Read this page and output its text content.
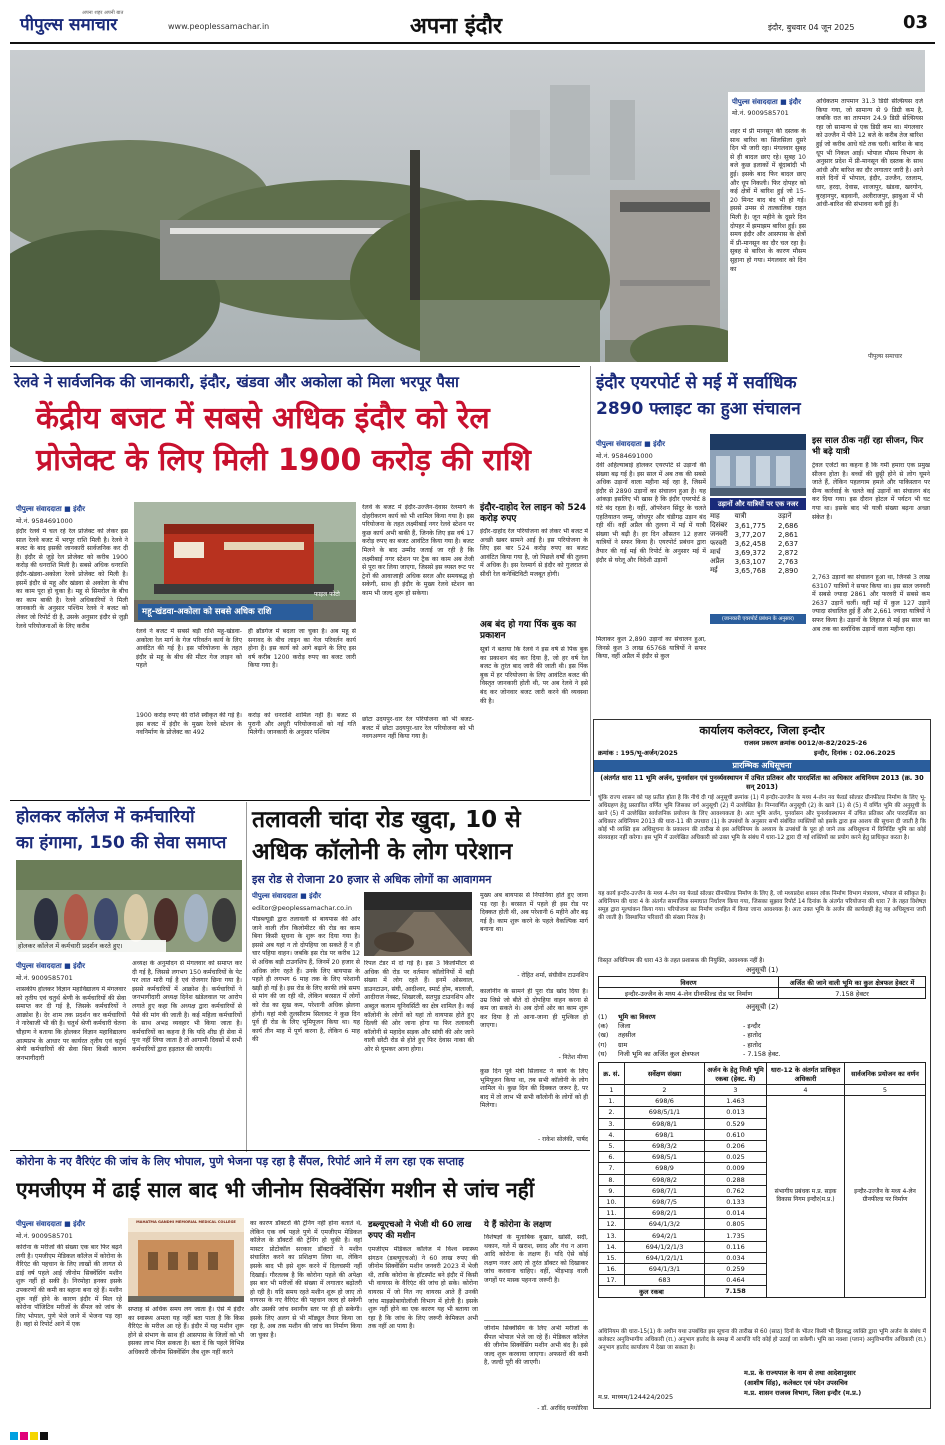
पीपुल्स समाचार
अपना शहर अपनी बात
www.peoplessamachar.in	अपना इंदौर	इंदौर, बुधवार 04 जून 2025	03
पीपुल्स संवाददाता ■ इंदौर
मो.नं. 9009585701
शहर में प्री मानसून की दस्तक के साथ बारिश का सिलसिला दूसरे दिन भी जारी रहा। मंगलवार सुबह से ही बादल छाए रहे। सुबह 10 बजे कुछ इलाकों में बूंदाबांदी भी हुई। इसके बाद फिर बादल छाए और धूप निकली। फिर दोपहर को कई क्षेत्रों में बारिश हुई जो 15-20 मिनट बाद बंद भी हो गई। इससे उमस से तात्कालिक राहत मिली है। जून महीने के दूसरे दिन दोपहर में झमाझम बारिश हुई। इस समय इंदौर और आसपास के क्षेत्रों में प्री-मानसून का दौर चल रहा है। सुबह से बारिश के कारण मौसम सुहाना हो गया। मंगलवार को दिन का
अधिकतम तापमान 31.3 डिग्री सेल्सियस दर्ज किया गया, जो सामान्य से 9 डिग्री कम है, जबकि रात का तापमान 24.9 डिग्री सेल्सियस रहा जो सामान्य से एक डिग्री कम था। मंगलवार को उज्जैन में पौने 12 बजे के करीब तेज बारिश हुई जो करीब आधे घंटे तक चली। बारिश के बाद धूप भी निकल आई। भोपाल मौसम विभाग के अनुसार प्रदेश में प्री-मानसून की दस्तक के साथ आंधी और बारिश का दौर लगातार जारी है। आने वाले दिनों में भोपाल, इंदौर, उज्जैन, रतलाम, धार, हरदा, देवास, शाजापुर, खंडवा, खरगोन, बुरहानपुर, बड़वानी, अलीराजपुर, झाबुआ में भी आंधी-बारिश की संभावना बनी हुई है।
पीपुल्स समाचार
रेलवे ने सार्वजनिक की जानकारी, इंदौर, खंडवा और अकोला को मिला भरपूर पैसा
केंद्रीय बजट में सबसे अधिक इंदौर को रेल
प्रोजेक्ट के लिए मिली 1900 करोड़ की राशि
पीपुल्स संवाददाता ■ इंदौर
मो.नं. 9584691000
इंदौर रेलवे में चल रहे रेल प्रोजेक्ट को लेकर इस साल रेलवे बजट में भरपूर राशि मिली है। रेलवे ने बजट के बाद इसकी जानकारी सार्वजनिक कर दी है। इंदौर से जुड़े रेल प्रोजेक्ट को करीब 1900 करोड़ की धनराशि मिली है। सबसे अधिक धनराशि इंदौर-खंडवा-अकोला रेलवे प्रोजेक्ट को मिली है। इसमें इंदौर से महू और खंडवा से अकोला के बीच का काम पूरा हो चुका है। महू से सिमरोल के बीच का काम बाकी है। रेलवे अधिकारियों ने मिली जानकारी के अनुसार पश्चिम रेलवे ने बजट को लेकर जो रिपोर्ट दी है, उसके अनुसार इंदौर से जुड़ी रेलवे परियोजनाओं के लिए करीब
फाइल फोटो
महू-खंडवा-अकोला को सबसे अधिक राशि
रेलवे ने बजट में सबसे बड़ी राशि महू-खंडवा-अकोला रेल मार्ग के गेज परिवर्तन कार्य के लिए आवंटित की गई है। इस परियोजना के तहत इंदौर से महू के बीच की मीटर गेज लाइन को पहले
ही ब्रॉडगेज में बदला जा चुका है। अब महू से सनावद के बीच लाइन का गेज परिवर्तन कार्य होना है। इस कार्य को आगे बढ़ाने के लिए इस वर्ष करीब 1200 करोड़ रुपए का बजट जारी किया गया है।
1900 करोड़ रुपए की राशि स्वीकृत की गई है। इस बजट में इंदौर के मुख्य रेलवे स्टेशन के नवनिर्माण के प्रोजेक्ट का 492
करोड़ को धनराशि शामिल नहीं है। बजट से पुरानी और अधूरी परियोजनाओं को नई गति मिलेगी। जानकारी के अनुसार पश्चिम
रेलवे के बजट में इंदौर-उज्जैन-देवास रेलमार्ग के दोहरीकरण कार्य को भी शामिल किया गया है। इस परियोजना के तहत लक्ष्मीबाई नगर रेलवे स्टेशन पर कुछ कार्य अभी बाकी हैं, जिनके लिए इस वर्ष 17 करोड़ रुपए का बजट आवंटित किया गया है। बजट मिलने के बाद उम्मीद जताई जा रही है कि लक्ष्मीबाई नगर स्टेशन पर ट्रैक का काम अब तेजी से पूरा कर लिया जाएगा, जिससे इस व्यस्त रूट पर ट्रेनों की आवाजाही अधिक सरल और समयबद्ध हो सकेगी, साथ ही इंदौर के मुख्य रेलवे स्टेशन का काम भी जल्द शुरू हो सकेगा।
छोटा उदयपुर-धार रेल परियोजना को भी बजट- बजट में छोटा उदयपुर-धार रेल परियोजना को भी नवगअग्गन नहीं किया गया है।
इंदौर-दाहोद रेल लाइन को 524 करोड़ रुपए
इंदौर-दाहोद रेल परियोजना को लेकर भी बजट में अच्छी खबर सामने आई है। इस परियोजना के लिए इस बार 524 करोड़ रुपए का बजट आवंटित किया गया है, जो पिछले वर्षों की तुलना में अधिक है। इस रेलमार्ग से इंदौर को गुजरात से सीधी रेल कनेक्टिविटी मजबूत होगी।
अब बंद हो गया पिंक बुक का प्रकाशन
सूत्रों ने बताया कि रेलवे ने इस वर्ष से पिंक बुक का प्रकाशन बंद कर दिया है, जो हर वर्ष रेल बजट के तुरंत बाद जारी की जाती थी। इस पिंक बुक में हर परियोजना के लिए आवंटित बजट की विस्तृत जानकारी होती थी, पर अब रेलवे ने इसे बंद कर जोनवार बजट जारी करने की व्यवस्था की है।
इंदौर एयरपोर्ट से मई में सर्वाधिक
2890 फ्लाइट का हुआ संचालन
पीपुल्स संवाददाता ■ इंदौर
मो.नं. 9584691000
देवी अहिल्याबाई होलकर एयरपोर्ट से उड़ानों की संख्या बढ़ गई है। इस साल में अब तक की सबसे अधिक उड़ानों वाला महीना मई रहा है, जिसमें इंदौर से 2890 उड़ानों का संचालन हुआ है। यह आंकड़ा इसलिए भी खास है कि इंदौर एयरपोर्ट 8 घंटे बंद रहता है। वहीं, ऑपरेशन सिंदूर के चलते एहतियातन जम्मू, जोधपुर और चंडीगढ़ उड़ान बंद रही थीं। वहीं अप्रैल की तुलना में मई में यात्री संख्या भी बढ़ी है। हर दिन औसतन 12 हजार यात्रियों ने सफर किया है। एयरपोर्ट प्रबंधन द्वारा तैयार की गई मई की रिपोर्ट के अनुसार मई में इंदौर से घरेलू और विदेशी उड़ानों
मिलाकर कुल 2,890 उड़ानों का संचालन हुआ, जिनसे कुल 3 लाख 65768 यात्रियों ने सफर किया, वहीं अप्रैल में इंदौर से कुल
उड़ानों और यात्रियों पर एक नजर
माह	यात्री	उड़ानें
दिसंबर	3,61,775	2,686
जनवरी	3,77,207	2,861
फरवरी	3,62,458	2,637
मार्च	3,69,372	2,872
अप्रैल	3,63,107	2,763
मई	3,65,768	2,890
(जानकारी एयरपोर्ट प्रबंधन के अनुसार)
इस साल ठीक नहीं रहा सीजन, फिर भी बढ़े यात्री
ट्रेवल एजेंटों का कहना है कि गर्मी हमारा एक प्रमुख सीजन होता है। बच्चों की छुट्टी होने से लोग घूमने जाते हैं, लेकिन पहलगाम हमले और पाकिस्तान पर सैन्य कार्रवाई के चलते कई उड़ानों का संचालन बंद कर दिया गया। इस दौरान होटल में पर्यटन भी घट गया था। इसके बाद भी यात्री संख्या बढ़ना अच्छा संकेत है।
2,763 उड़ानों का संचालन हुआ था, जिनसे 3 लाख 63107 यात्रियों ने सफर किया था। इस साल जनवरी में सबसे ज्यादा 2861 और फरवरी में सबसे कम 2637 उड़ानें चलीं। वहीं मई में कुल 127 उड़ानें ज्यादा संचालित हुई हैं और 2,661 ज्यादा यात्रियों ने सफर किया है। उड़ानों के लिहाज से मई इस साल का अब तक का सर्वाधिक उड़ानों वाला महीना रहा।
कार्यालय कलेक्टर, जिला इन्दौर
राजस्व प्रकरण क्रमांक 0012/अ-82/2025-26
क्रमांक : 195/भू-अर्जन/2025	इन्दौर, दिनांक : 02.06.2025
प्रारम्भिक अधिसूचना
(अंतर्गत धारा 11 भूमि अर्जन, पुनर्वासन एवं पुनर्व्यवस्थापन में उचित प्रतिकर और पारदर्शिता का अधिकार अधिनियम 2013 (क्र. 30 सन् 2013)
चूंकि राज्य शासन को यह प्रतीत होता है कि नीचे दी गई अनुसूची क्रमांक (1) में इन्दौर-उज्जैन के मध्य 4-लेन नव फेवर्ड सोल्डर ग्रीनफील्ड निर्माण के लिए भू-अधिग्रहण हेतु प्रस्तावित वर्णित भूमि जिसका वर्ग अनुसूची (2) में उल्लेखित है। निम्नवर्णित अनुसूची (2) के खाने (1) से (5) में वर्णित भूमि की अनुसूची के खाने (5) में उल्लेखित सार्वजनिक प्रयोजन के लिए आवश्यकता है। अतः भूमि अर्जन, पुनर्वासन और पुनर्व्यवस्थापन में उचित प्रतिकर और पारदर्शिता का अधिकार अधिनियम 2013 की धारा-11 की उपधारा (1) के उपबंधों के अनुसार सभी संबंधित व्यक्तियों को इसके द्वारा इस आशय की सूचना दी जाती है कि कोई भी व्यक्ति इस अधिसूचना के प्रकाशन की तारीख से इस अधिनियम के अध्याय के उपबंधों के पूरा हो जाने तक अधिसूचना में विनिर्दिष्ट भूमि का कोई संव्यवहार नहीं करेगा। इस भूमि में उल्लेखित अधिकारी को उक्त भूमि के संबंध में धारा-12 द्वारा दी गई शक्तियों का प्रयोग करने हेतु प्राधिकृत करता है।
यह कार्य इन्दौर-उज्जैन के मध्य 4-लेन नव फेवर्ड सोल्डर ग्रीनफील्ड निर्माण के लिए है, जो मध्यप्रदेश शासन लोक निर्माण विभाग मंत्रालय, भोपाल से स्वीकृत है। अधिनियम की धारा 4 के अंतर्गत सामाजिक समाघात निर्धारण किया गया, जिसका सुझाव रिपोर्ट 14 दिनांक के अंतर्गत परियोजना की धारा 7 के तहत विशेषज्ञ समूह द्वारा मूल्यांकन किया गया। परियोजना का निर्माण जनहित में किया जाना आवश्यक है। अतः उक्त भूमि के अर्जन की कार्यवाही हेतु यह अधिसूचना जारी की जाती है। विस्थापित परिवारों की संख्या निरंक है।
विस्तृत अधिनियम की धारा 43 के तहत प्रशासक की नियुक्ति, आवश्यक नहीं है।
अनुसूची (1)
विवरण	अर्जित की जाने वाली भूमि का कुल क्षेत्रफल हेक्टर में
इन्दौर-उज्जैन के मध्य 4-लेन ग्रीनफील्ड रोड पर निर्माण	7.158 हेक्टर
अनुसूची (2)
(1) भूमि का विवरण
(क) जिला	- इन्दौर
(ख) तहसील	- हातोद
(ग) ग्राम	- हातोद
(घ) निजी भूमि का अर्जित कुल क्षेत्रफल	- 7.158 हेक्ट.
क्र. सं.	सर्वेक्षण संख्या	अर्जन के हेतु निजी भूमि रकबा (हेक्ट. में)	धारा-12 के अंतर्गत प्राधिकृत अधिकारी	सार्वजनिक प्रयोजन का वर्णन
1	2	3	4	5
1.	698/6	1.463	संभागीय प्रबंधक म.प्र. सड़क विकास निगम इन्दौर(म.प्र.)	इन्दौर-उज्जैन के मध्य 4-लेन ग्रीनफील्ड पर निर्माण
2.	698/5/1/1	0.013		
3.	698/8/1	0.529		
4.	698/1	0.610		
5.	698/3/2	0.206		
6.	698/5/1	0.025		
7.	698/9	0.009		
8.	698/8/2	0.288		
9.	698/7/1	0.762		
10.	698/7/5	0.133		
11.	698/2/1	0.014		
12.	694/1/3/2	0.805		
13.	694/2/1	1.735		
14.	694/1/2/1/3	0.116		
15.	694/1/2/1/1	0.034		
16.	694/1/3/1	0.259		
17.	683	0.464		
कुल रकबा		7.158		
अधिनियम की धारा-15(1) के अधीन यथा उपबंधित इस सूचना की तारीख से 60 (साठ) दिनों के भीतर किसी भी हितबद्ध व्यक्ति द्वारा भूमि अर्जन के संबंध में कलेक्टर अनुविभागीय अधिकारी (रा.) अनुभाग हातोद के समक्ष में आपत्ति यदि कोई हो उठाई जा सकेगी। भूमि का नक्शा (प्लान) अनुविभागीय अधिकारी (रा.) अनुभाग हातोद कार्यालय में देखा जा सकता है।
म.प्र. के राज्यपाल के नाम से तथा आदेशानुसार
(आशीष सिंह), कलेक्टर एवं पदेन उपसचिव
म.प्र. माध्यम/124424/2025	म.प्र. शासन राजस्व विभाग, जिला इन्दौर (म.प्र.)
होलकर कॉलेज में कर्मचारियों
का हंगामा, 150 की सेवा समाप्त
होलकर कॉलेज में कर्मचारी प्रदर्शन करते हुए।
पीपुल्स संवाददाता ■ इंदौर
मो.नं. 9009585701
शासकीय होलकर विज्ञान महाविद्यालय में मंगलवार को तृतीय एवं चतुर्थ श्रेणी के कर्मचारियों की सेवा समाप्त कर दी गई है, जिसके कर्मचारियों ने आक्रोश है। देर शाम तक प्रदर्शन कर कर्मचारियों ने नारेबाजी भी की है। चतुर्थ श्रेणी कर्मचारी चेतना चौहाण ने बताया कि होलकर विज्ञान महाविद्यालय आत्मप्रभ के आधार पर कार्यरत तृतीय एवं चतुर्थ श्रेणी कर्मचारियों की सेवा बिना किसी कारण जनभागीदारी
अध्यक्ष के अनुमोदन से मंगलवार को समाप्त कर दी गई है, जिससे लगभग 150 कर्मचारियों के पेट पर लात मारी गई है एवं रोजगार छिना गया है। इससे कर्मचारियों में आक्रोश है। कर्मचारियों ने जनभागीदारी अध्यक्ष दिनेश खंडेलवाल पर आरोप लगाते हुए कहा कि अध्यक्ष द्वारा कर्मचारियों से पैसे की मांग की जाती है। कई महिला कर्मचारियों के साथ अभद्र व्यवहार भी किया जाता है। कर्मचारियों का कहना है कि यदि शीघ्र ही सेवा में पुनः नहीं लिया जाता है तो आगामी दिवसों में सभी कर्मचारियों द्वारा हड़ताल की जाएगी।
तलावली चांदा रोड खुदा, 10 से
अधिक कॉलोनी के लोग परेशान
इस रोड से रोजाना 20 हजार से अधिक लोगों का आवागमन
पीपुल्स संवाददाता ■ इंदौर
editor@peoplessamachar.co.in
पीडब्ल्यूडी द्वारा तलावली से बायपास की ओर जाने वाली तीन किलोमीटर की रोड का काम बिना किसी सूचना के शुरू कर दिया गया है। इससे अब यहां न तो दोपहिया जा सकते हैं न ही चार पहिया वाहन। जबकि इस रोड पर करीब 12 से अधिक बड़ी टाउनशिप हैं, जिनमें 20 हजार से अधिक लोग रहते हैं। उनके लिए बायपास के पहले ही लगभग 6 माह तक के लिए परेशानी खड़ी हो गई है। इस रोड के लिए काफी लंबे समय से मांग की जा रही थी, लेकिन बरसात में लोगों को रोड का सुख कम, परेशानी अधिक झेलना होगी। यहां मंत्री तुलसीराम सिलावट ने कुछ दिन पूर्व ही रोड के लिए भूमिपूजन किया था। यह कार्य तीन माह में पूर्ण करना है, लेकिन 6 माह की
रिपल टेंडर में दो गई है। इस 3 किलोमीटर से अधिक की रोड पर वर्तमान कॉलोनियों में बड़ी संख्या में लोग रहते हैं। इनमें ओसवाल, डाउनटाउन, संघी, आदीश्वर, स्मार्ट होम, बालाजी, आदीराज नेक्स्ट, शिखरजी, सतपुड़ टाउनशिप और अब्दुल कलाम यूनिवर्सिटी का क्षेत्र शामिल है। कई कॉलोनी के लोगों को यहां तो वायपास होते हुए दिल्ली की ओर जाना होगा या फिर तलावली कॉलोनी से महादेव सड़क और सांघी की ओर जाने वाली छोटी रोड से होते हुए फिर देवास नाका की ओर से घूमकर आना होगा।
मुख्य अब बायपास से निपानिया होते हुए जाना पड़ रहा है। बरसात में पहले ही इस रोड पर दिक्कत होती थी, अब परेशानी 6 महीने और बढ़ गई है। काम शुरू करने के पहले वैकल्पिक मार्ग बनाना था।
- रोहित शर्मा, संघीवीन टाउनशिप
कालोनीन के सामने ही पूरा रोड खोद दिया है। उम्र जिसे जो बीते दो दोपहिया वाहन करना से कम जा सकते थे। अब दोनों ओर का काम शुरू कर दिया है तो आना-जाना ही मुश्किल हो जाएगा।
- नितेश मीणा
कुछ दिन पूर्व मंत्री सिलावट ने कार्य के लिए भूमिपूजन किया था, तब सभी कॉलोनी के लोग शामिल थे। कुछ दिन की दिक्कत जरूर है, पर बाद में तो लाभ भी सभी कॉलोनी के लोगों को ही मिलेगा।
- राकेश सोलंकी, पार्षद
कोरोना के नए वैरिएंट की जांच के लिए भोपाल, पुणे भेजना पड़ रहा है सैंपल, रिपोर्ट आने में लग रहा एक सप्ताह
एमजीएम में ढाई साल बाद भी जीनोम सिक्वेंसिंग मशीन से जांच नहीं
पीपुल्स संवाददाता ■ इंदौर
मो.नं. 9009585701
कोरोना के मरीजों की संख्या एक बार फिर बढ़ने लगी है। एमजीएम मेडिकल कॉलेज में कोरोना के वैरिएंट की पहचान के लिए लाखों की लागत से ढाई वर्ष पहले आई जीनोम सिक्वेंसिंग मशीन शुरू नहीं हो सकी है। निरमोहा इनका इसके उपकरणों की कमी का बहाना बना रहे हैं। मशीन शुरू नहीं होने के कारण इंदौर में मिल रहे कोरोना पॉजिटिव मरीजों के सैंपल को जांच के लिए भोपाल, पुणे भेजे जाने में भेजना पड़ रहा है। वहां से रिपोर्ट आने में एक
MAHATMA GANDHI MEMORIAL MEDICAL COLLEGE
सप्ताह से अधिक समय लग जाता है। ऐसे में इंदौर का स्वास्थ्य अमला यह नहीं बता पाता है कि किस वैरिएंट के मरीज आ रहे हैं। इंदौर में यह मशीन शुरू होने से संभाग के साथ ही आसपास के जिलों को भी इसका लाभ मिल सकता है। बता दें कि पहले विभिन्न अधिकारी जीनोम सिक्वेंसिंग लैब शुरू नहीं करने
का कारण डॉक्टरों की ट्रेनिंग नहीं होना बताते थे, लेकिन एक वर्ष पहले पुणे में एमजीएम मेडिकल कॉलेज के डॉक्टरों की ट्रेनिंग हो चुकी है। वहां मास्टर प्रोटोकॉल सरकार डॉक्टरों ने मशीन संचालित करने का प्रशिक्षण लिया था, लेकिन इसके बाद भी इसे शुरू करने में दिलचस्पी नहीं दिखाई। गौरतलब है कि कोरोना पहले की अपेक्षा इस बार भी मरीजों की संख्या में लगातार बढ़ोतरी हो रही है। यदि समय रहते मशीन शुरू हो जाए तो वायरस के नए वैरिएंट की पहचान जल्द हो सकेगी और उसकी जांच स्थानीय स्तर पर ही हो सकेगी। इसके लिए अलग से भी मॉड्यूल तैयार किया जा रहा है, अब तक मशीन की जांच का निर्माण किया जा चुका है।
डब्ल्यूएचओ ने भेजी थी 60 लाख रुपए की मशीन
एमजीएम मेडिकल कॉलेज में विश्व स्वास्थ्य संगठन (डब्ल्यूएचओ) ने 60 लाख रुपए की जीनोम सिक्वेंसिंग मशीन जनवरी 2023 में भेजी थी, ताकि कोरोना के हॉटस्पॉट बने इंदौर में किसी भी वायरस के वैरिएंट की जांच हो सके। कोरोना वायरस में जो नित नए वायरस आते हैं उनकी जांच माइक्रोबायोलॉजी विभाग में होती है। इसके शुरू नहीं होने का एक कारण यह भी बताया जा रहा है कि जांच के लिए जरूरी केमिकल अभी तक नहीं आ पाया है।
ये हैं कोरोना के लक्षण
विशेषज्ञों के मुताबिक बुखार, खांसी, सर्दी, थकान, गले में खराश, स्वाद और गंध न आना आदि कोरोना के लक्षण हैं। यदि ऐसे कोई लक्षण नजर आएं तो तुरंत डॉक्टर को दिखाकर जांच करवाना चाहिए। वहीं, भीड़भाड़ वाली जगहों पर मास्क पहनना जरूरी है।
जीनोम सिक्वेंसिंग के लिए अभी मरीजों के सैंपल भोपाल भेजे जा रहे हैं। मेडिकल कॉलेज की जीनोम सिक्वेंसिंग मशीन अभी बंद है। इसे जल्द शुरू करवाया जाएगा। अफसरों की कमी है, जल्दी पूरी की जाएगी।
- डॉ. अरविंद घनघोरिया
